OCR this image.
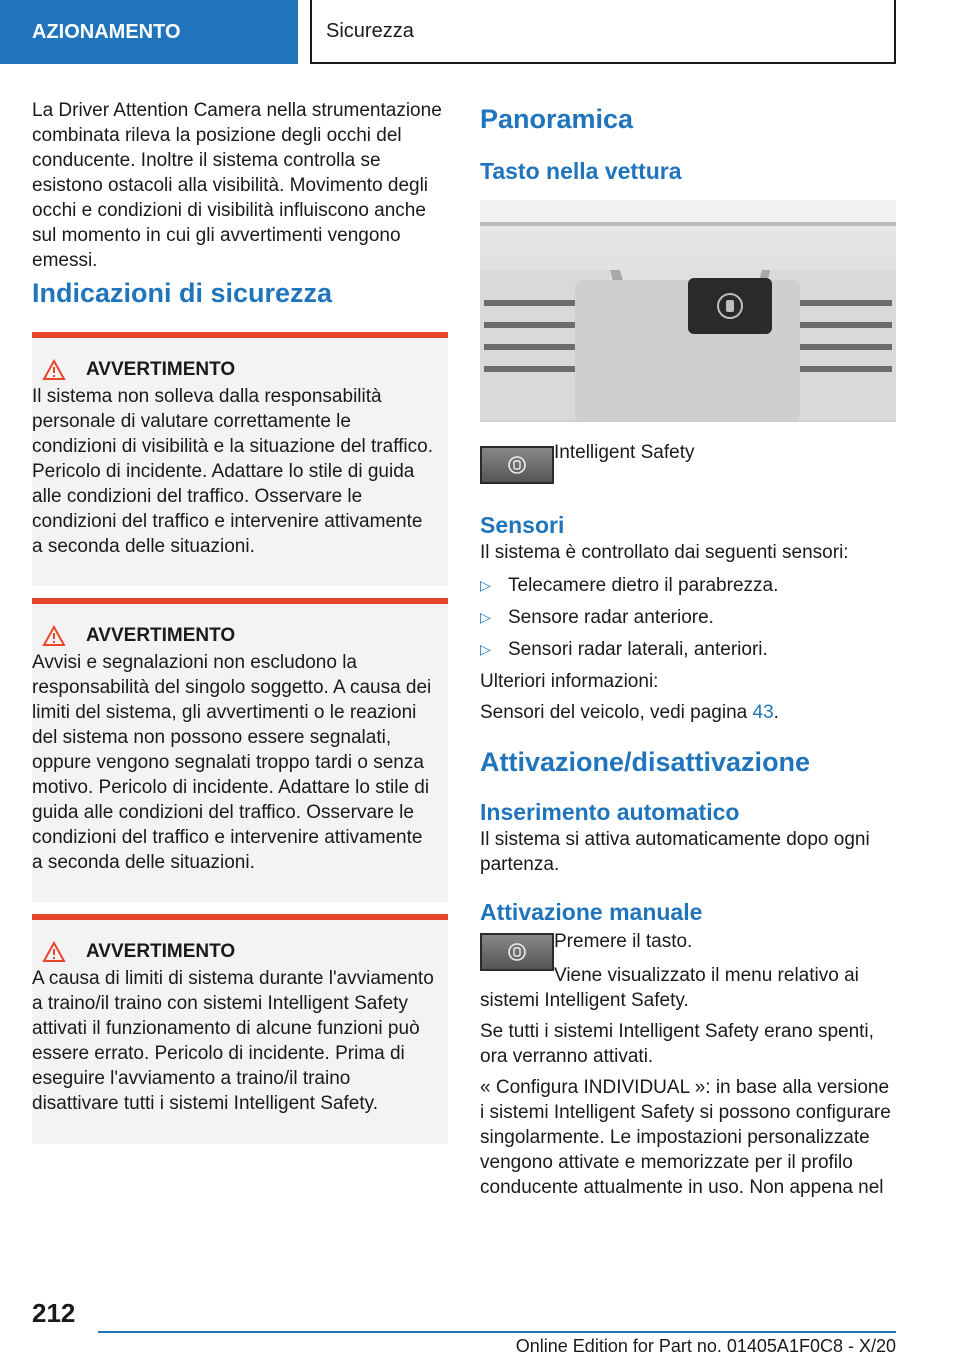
AZIONAMENTO	Sicurezza

La Driver Attention Camera nella strumentazione combinata rileva la posizione degli occhi del conducente. Inoltre il sistema controlla se esistono ostacoli alla visibilità. Movimento degli occhi e condizioni di visibilità influiscono anche sul momento in cui gli avvertimenti vengono emessi.

Indicazioni di sicurezza
AVVERTIMENTO
Il sistema non solleva dalla responsabilità personale di valutare correttamente le condizioni di visibilità e la situazione del traffico. Pericolo di incidente. Adattare lo stile di guida alle condizioni del traffico. Osservare le condizioni del traffico e intervenire attivamente a seconda delle situazioni.
AVVERTIMENTO
Avvisi e segnalazioni non escludono la responsabilità del singolo soggetto. A causa dei limiti del sistema, gli avvertimenti o le reazioni del sistema non possono essere segnalati, oppure vengono segnalati troppo tardi o senza motivo. Pericolo di incidente. Adattare lo stile di guida alle condizioni del traffico. Osservare le condizioni del traffico e intervenire attivamente a seconda delle situazioni.
AVVERTIMENTO
A causa di limiti di sistema durante l'avviamento a traino/il traino con sistemi Intelligent Safety attivati il funzionamento di alcune funzioni può essere errato. Pericolo di incidente. Prima di eseguire l'avviamento a traino/il traino disattivare tutti i sistemi Intelligent Safety.
Panoramica
Tasto nella vettura

Intelligent Safety

Sensori

Il sistema è controllato dai seguenti sensori:

▷ Telecamere dietro il parabrezza.
▷ Sensore radar anteriore.
▷ Sensori radar laterali, anteriori.

Ulteriori informazioni:

Sensori del veicolo, vedi pagina 43.

Attivazione/disattivazione
Inserimento automatico

Il sistema si attiva automaticamente dopo ogni partenza.

Attivazione manuale

Premere il tasto.

Viene visualizzato il menu relativo ai sistemi Intelligent Safety.

Se tutti i sistemi Intelligent Safety erano spenti, ora verranno attivati.

« Configura INDIVIDUAL »: in base alla versione i sistemi Intelligent Safety si possono configurare singolarmente. Le impostazioni personalizzate vengono attivate e memorizzate per il profilo conducente attualmente in uso. Non appena nel

212
Online Edition for Part no. 01405A1F0C8 - X/20
